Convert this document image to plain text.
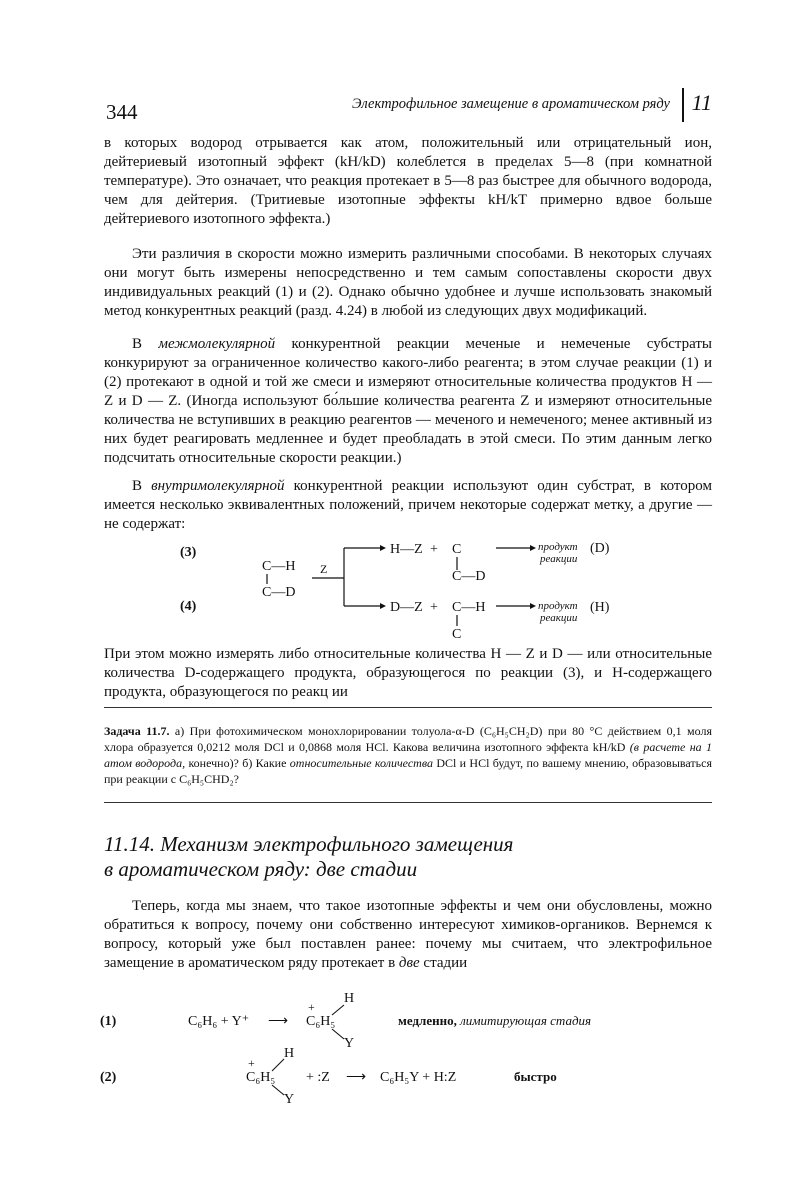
344	Электрофильное замещение в ароматическом ряду 11

в которых водород отрывается как атом, положительный или отрицательный ион, дейтериевый изотопный эффект (kH/kD) колеблется в пределах 5—8 (при комнатной температуре). Это означает, что реакция протекает в 5—8 раз быстрее для обычного водорода, чем для дейтерия. (Тритиевые изотопные эффекты kH/kT примерно вдвое больше дейтериевого изотопного эффекта.)

Эти различия в скорости можно измерить различными способами. В некоторых случаях они могут быть измерены непосредственно и тем самым сопоставлены скорости двух индивидуальных реакций (1) и (2). Однако обычно удобнее и лучше использовать знакомый метод конкурентных реакций (разд. 4.24) в любой из следующих двух модификаций.

В межмолекулярной конкурентной реакции меченые и немеченые субстраты конкурируют за ограниченное количество какого-либо реагента; в этом случае реакции (1) и (2) протекают в одной и той же смеси и измеряют относительные количества продуктов H — Z и D — Z. (Иногда используют бо́льшие количества реагента Z и измеряют относительные количества не вступивших в реакцию реагентов — меченого и немеченого; менее активный из них будет реагировать медленнее и будет преобладать в этой смеси. По этим данным легко подсчитать относительные скорости реакции.)

В внутримолекулярной конкурентной реакции используют один субстрат, в котором имеется несколько эквивалентных положений, причем некоторые содержат метку, а другие — не содержат:

(3)
(4)
C—H
C—D
Z
H—Z + C
C—D
продукт
реакции
(D)
D—Z + C—H
C
продукт
реакции
(H)

При этом можно измерять либо относительные количества H — Z и D — или относительные количества D-содержащего продукта, образующегося по реакции (3), и H-содержащего продукта, образующегося по реакц ии

Задача 11.7. а) При фотохимическом монохлорировании толуола-α-D (C₆H₅CH₂D) при 80 °C действием 0,1 моля хлора образуется 0,0212 моля DCl и 0,0868 моля HCl. Какова величина изотопного эффекта kH/kD (в расчете на 1 атом водорода, конечно)? б) Какие относительные количества DCl и HCl будут, по вашему мнению, образовываться при реакции с C₆H₅CHD₂?
11.14. Механизм электрофильного замещения
в ароматическом ряду: две стадии

Теперь, когда мы знаем, что такое изотопные эффекты и чем они обусловлены, можно обратиться к вопросу, почему они собственно интересуют химиков-органиков. Вернемся к вопросу, который уже был поставлен ранее: почему мы считаем, что электрофильное замещение в ароматическом ряду протекает в две стадии

(1)	C₆H₆ + Y⁺ ⟶
+
C₆H₅
H
Y
медленно, лимитирующая стадия
(2)
+
C₆H₅
H
Y
+ :Z ⟶ C₆H₅Y + H:Z	быстро
